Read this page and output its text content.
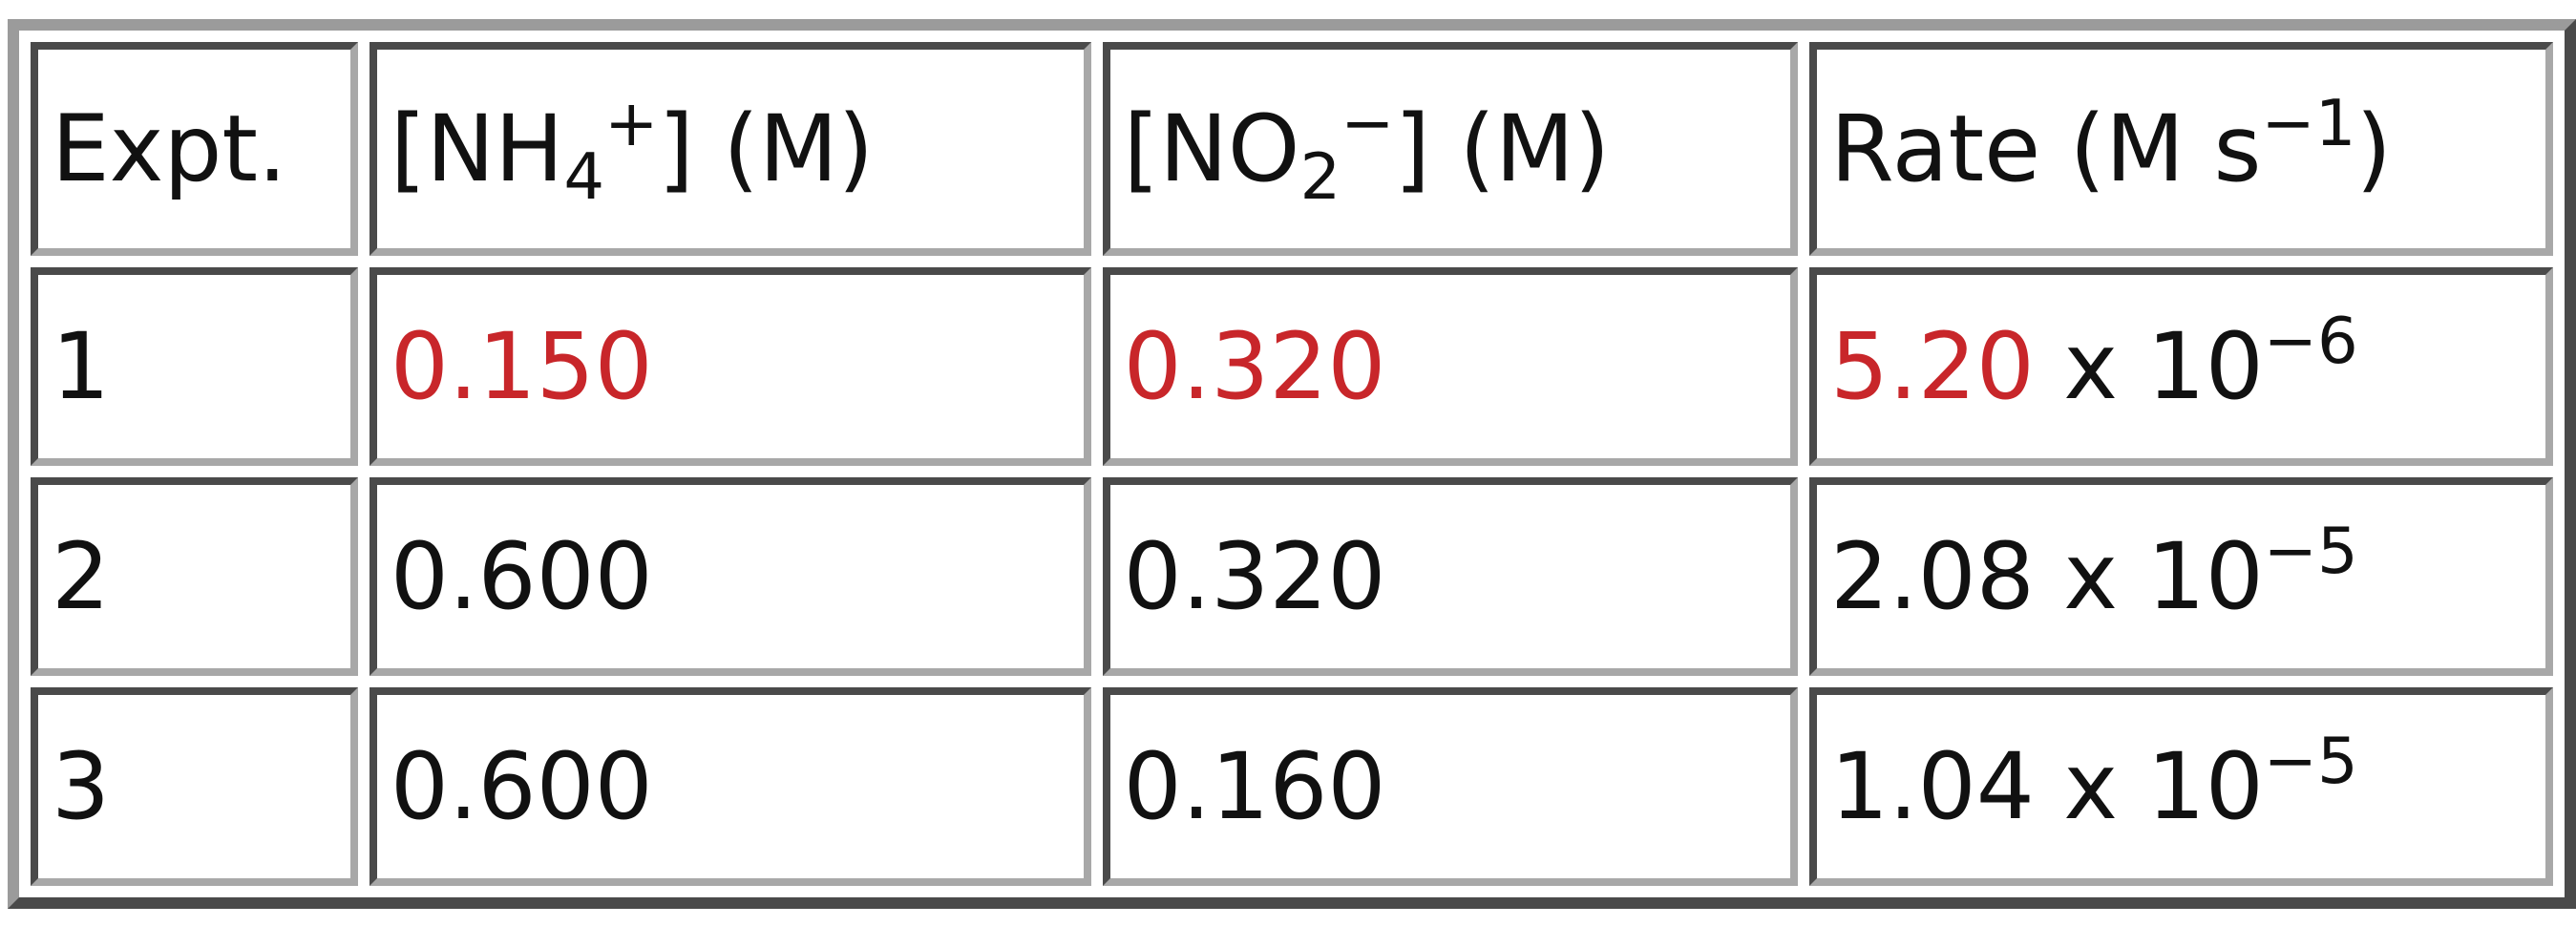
Expt.	$[NH_4^+]$ (M)	$[NO_2^-]$ (M)	Rate (M $s^{-1}$)
1	0.150	0.320	5.20 x $10^{-6}$
2	0.600	0.320	2.08 x $10^{-5}$
3	0.600	0.160	1.04 x $10^{-5}$
